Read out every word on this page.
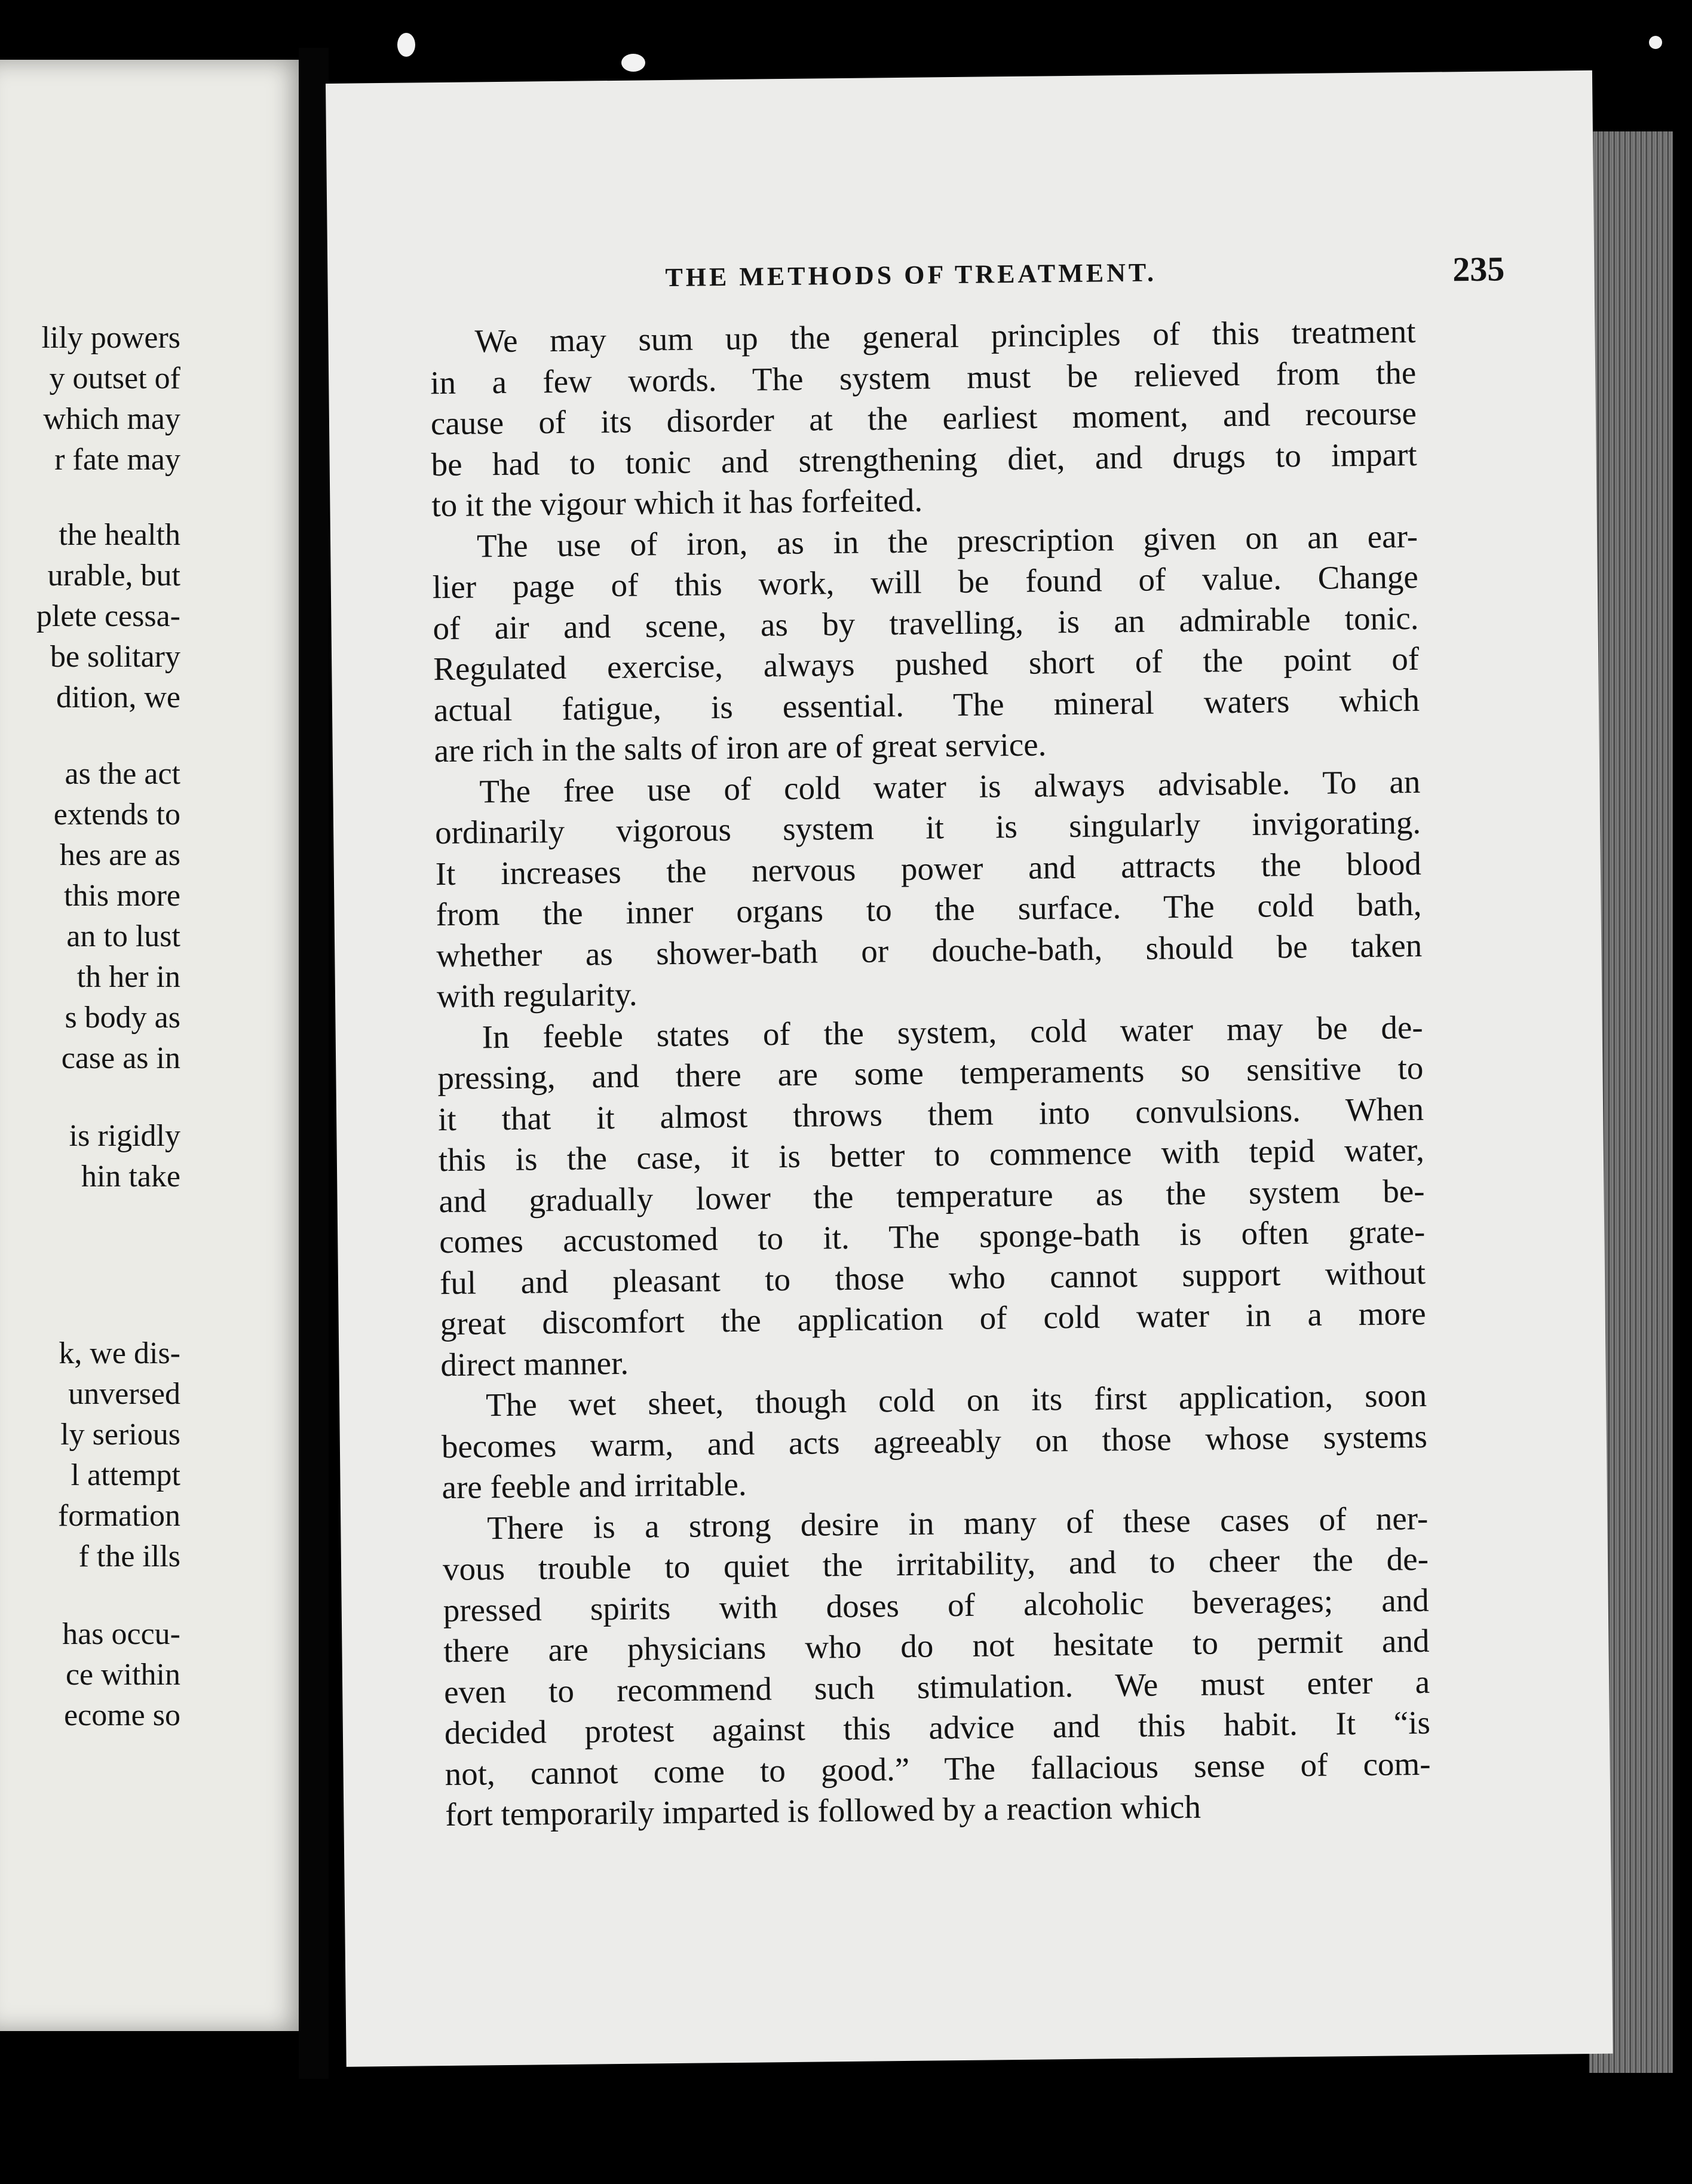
lily powers
y outset of
which may
r fate may
the health
urable, but
plete cessa-
be solitary
dition, we
as the act
extends to
hes are as
this more
an to lust
th her in
s body as
case as in
is rigidly
hin take
k, we dis-
unversed
ly serious
l attempt
formation
f the ills
has occu-
ce within
ecome so
THE METHODS OF TREATMENT.	235
We may sum up the general principles of this treatment
in a few words. The system must be relieved from the
cause of its disorder at the earliest moment, and recourse
be had to tonic and strengthening diet, and drugs to impart
to it the vigour which it has forfeited.
The use of iron, as in the prescription given on an ear-
lier page of this work, will be found of value. Change
of air and scene, as by travelling, is an admirable tonic.
Regulated exercise, always pushed short of the point of
actual fatigue, is essential. The mineral waters which
are rich in the salts of iron are of great service.
The free use of cold water is always advisable. To an
ordinarily vigorous system it is singularly invigorating.
It increases the nervous power and attracts the blood
from the inner organs to the surface. The cold bath,
whether as shower-bath or douche-bath, should be taken
with regularity.
In feeble states of the system, cold water may be de-
pressing, and there are some temperaments so sensitive to
it that it almost throws them into convulsions. When
this is the case, it is better to commence with tepid water,
and gradually lower the temperature as the system be-
comes accustomed to it. The sponge-bath is often grate-
ful and pleasant to those who cannot support without
great discomfort the application of cold water in a more
direct manner.
The wet sheet, though cold on its first application, soon
becomes warm, and acts agreeably on those whose systems
are feeble and irritable.
There is a strong desire in many of these cases of ner-
vous trouble to quiet the irritability, and to cheer the de-
pressed spirits with doses of alcoholic beverages; and
there are physicians who do not hesitate to permit and
even to recommend such stimulation. We must enter a
decided protest against this advice and this habit. It “is
not, cannot come to good.” The fallacious sense of com-
fort temporarily imparted is followed by a reaction which
